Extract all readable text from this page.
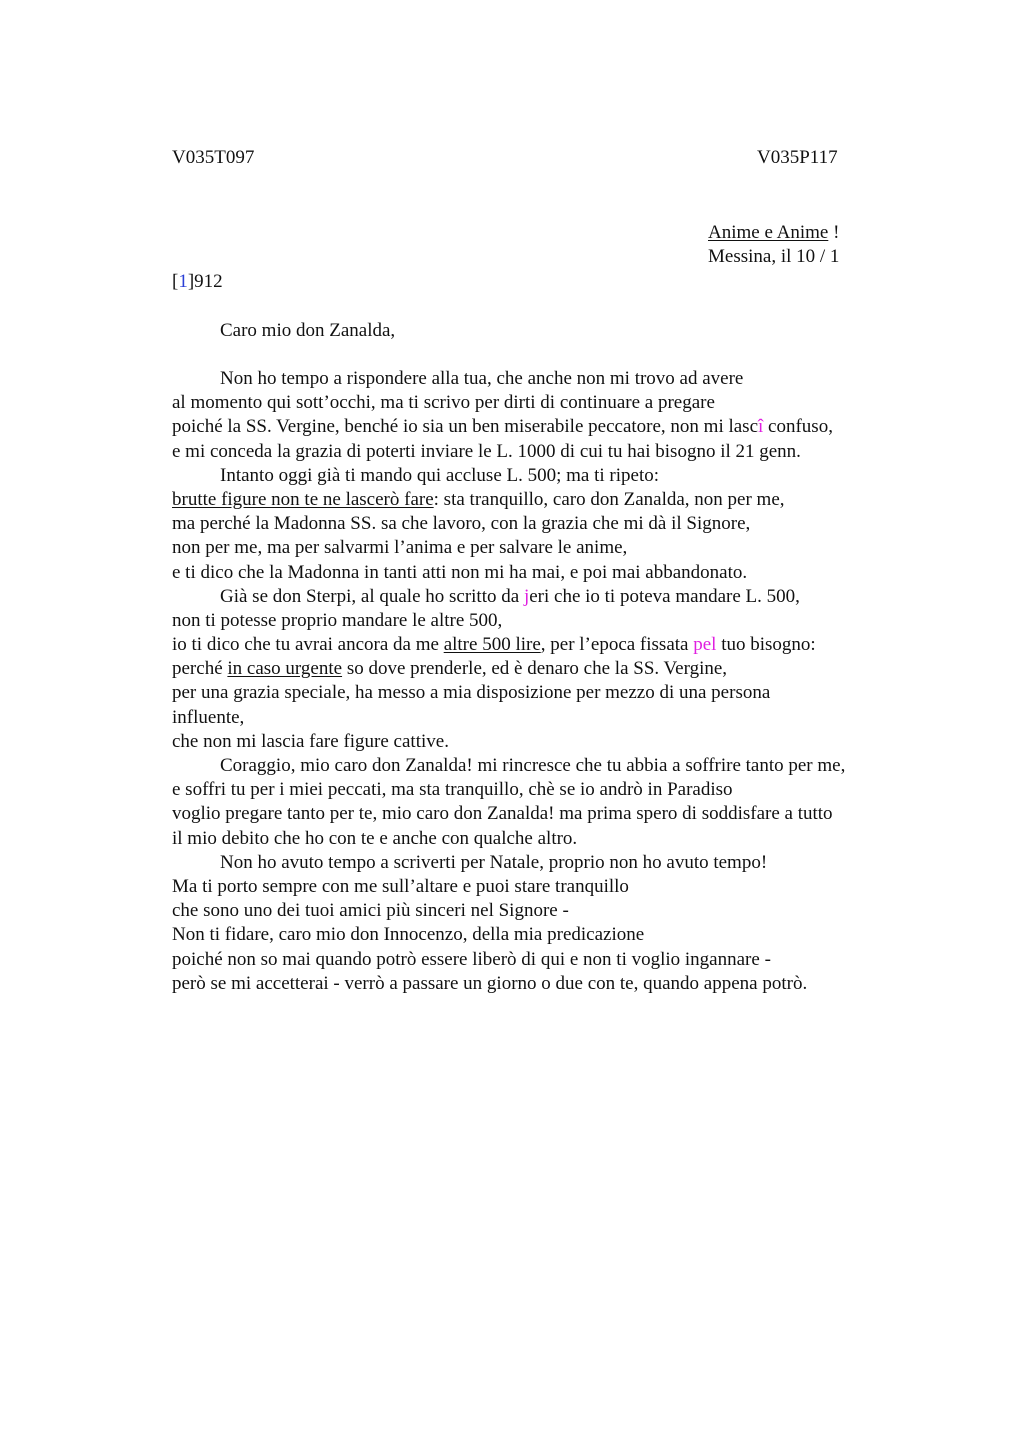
V035T097	V035P117
Anime e Anime !
Messina, il 10 / 1
[1]912
Caro mio don Zanalda,
Non ho tempo a rispondere alla tua, che anche non mi trovo ad avere
al momento qui sott’occhi, ma ti scrivo per dirti di continuare a pregare
poiché la SS. Vergine, benché io sia un ben miserabile peccatore, non mi lascî confuso,
e mi conceda la grazia di poterti inviare le L. 1000 di cui tu hai bisogno il 21 genn.
Intanto oggi già ti mando qui accluse L. 500; ma ti ripeto:
brutte figure non te ne lascerò fare: sta tranquillo, caro don Zanalda, non per me,
ma perché la Madonna SS. sa che lavoro, con la grazia che mi dà il Signore,
non per me, ma per salvarmi l’anima e per salvare le anime,
e ti dico che la Madonna in tanti atti non mi ha mai, e poi mai abbandonato.
Già se don Sterpi, al quale ho scritto da jeri che io ti poteva mandare L. 500,
non ti potesse proprio mandare le altre 500,
io ti dico che tu avrai ancora da me altre 500 lire, per l’epoca fissata pel tuo bisogno:
perché in caso urgente so dove prenderle, ed è denaro che la SS. Vergine,
per una grazia speciale, ha messo a mia disposizione per mezzo di una persona
influente,
che non mi lascia fare figure cattive.
Coraggio, mio caro don Zanalda! mi rincresce che tu abbia a soffrire tanto per me,
e soffri tu per i miei peccati, ma sta tranquillo, chè se io andrò in Paradiso
voglio pregare tanto per te, mio caro don Zanalda! ma prima spero di soddisfare a tutto
il mio debito che ho con te e anche con qualche altro.
Non ho avuto tempo a scriverti per Natale, proprio non ho avuto tempo!
Ma ti porto sempre con me sull’altare e puoi stare tranquillo
che sono uno dei tuoi amici più sinceri nel Signore -
Non ti fidare, caro mio don Innocenzo, della mia predicazione
poiché non so mai quando potrò essere liberò di qui e non ti voglio ingannare -
però se mi accetterai - verrò a passare un giorno o due con te, quando appena potrò.
